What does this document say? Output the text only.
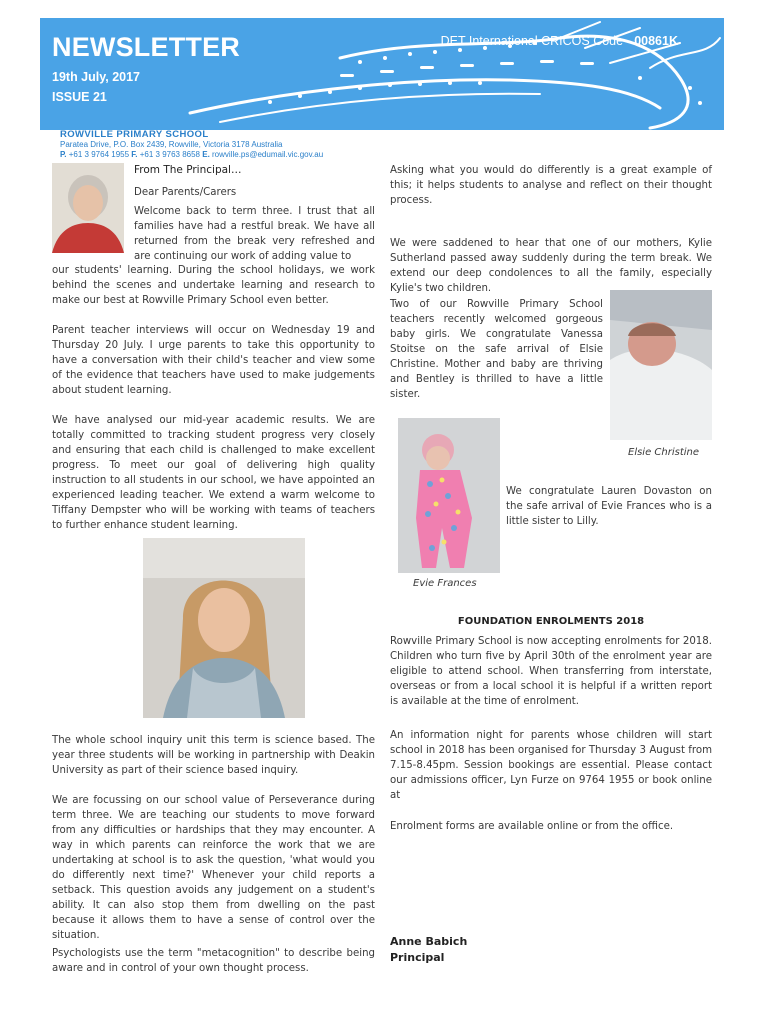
NEWSLETTER
19th July, 2017
ISSUE 21
DET International CRICOS Code - 00861K
ROWVILLE PRIMARY SCHOOL
Paratea Drive, P.O. Box 2439, Rowville, Victoria 3178 Australia
P. +61 3 9764 1955 F. +61 3 9763 8658 E. rowville.ps@edumail.vic.gov.au
From The Principal…
Dear Parents/Carers
Welcome back to term three. I trust that all families have had a restful break. We have all returned from the break very refreshed and are continuing our work of adding value to
our students' learning. During the school holidays, we work behind the scenes and undertake learning and research to make our best at Rowville Primary School even better.
Parent teacher interviews will occur on Wednesday 19 and Thursday 20 July. I urge parents to take this opportunity to have a conversation with their child's teacher and view some of the evidence that teachers have used to make judgements about student learning.
We have analysed our mid-year academic results. We are totally committed to tracking student progress very closely and ensuring that each child is challenged to make excellent progress. To meet our goal of delivering high quality instruction to all students in our school, we have appointed an experienced leading teacher. We extend a warm welcome to Tiffany Dempster who will be working with teams of teachers to further enhance student learning.
The whole school inquiry unit this term is science based. The year three students will be working in partnership with Deakin University as part of their science based inquiry.
We are focussing on our school value of Perseverance during term three. We are teaching our students to move forward from any difficulties or hardships that they may encounter. A way in which parents can reinforce the work that we are undertaking at school is to ask the question, 'what would you do differently next time?' Whenever your child reports a setback. This question avoids any judgement on a student's ability. It can also stop them from dwelling on the past because it allows them to have a sense of control over the situation.
Psychologists use the term "metacognition" to describe being aware and in control of your own thought process.
Asking what you would do differently is a great example of this; it helps students to analyse and reflect on their thought process.
We were saddened to hear that one of our mothers, Kylie Sutherland passed away suddenly during the term break. We extend our deep condolences to all the family, especially Kylie's two children.
Two of our Rowville Primary School teachers recently welcomed gorgeous baby girls. We congratulate Vanessa Stoitse on the safe arrival of Elsie Christine. Mother and baby are thriving and Bentley is thrilled to have a little sister.
Elsie Christine
We congratulate Lauren Dovaston on the safe arrival of Evie Frances who is a little sister to Lilly.
Evie Frances
FOUNDATION ENROLMENTS 2018
Rowville Primary School is now accepting enrolments for 2018. Children who turn five by April 30th of the enrolment year are eligible to attend school. When transferring from interstate, overseas or from a local school it is helpful if a written report is available at the time of enrolment.
An information night for parents whose children will start school in 2018 has been organised for Thursday 3 August from 7.15-8.45pm. Session bookings are essential. Please contact our admissions officer, Lyn Furze on 9764 1955 or book online at
Enrolment forms are available online or from the office.
Anne Babich
Principal
